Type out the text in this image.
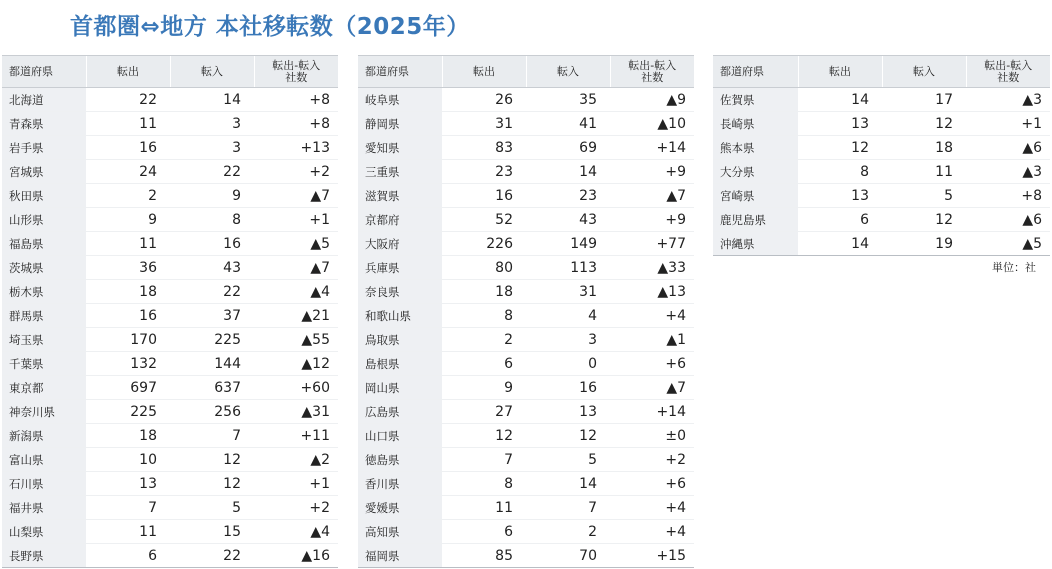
首都圏⇔地方 本社移転数（2025年）
都道府県	転出	転入	転出-転入
社数
北海道	22	14	+8
青森県	11	3	+8
岩手県	16	3	+13
宮城県	24	22	+2
秋田県	2	9	▲7
山形県	9	8	+1
福島県	11	16	▲5
茨城県	36	43	▲7
栃木県	18	22	▲4
群馬県	16	37	▲21
埼玉県	170	225	▲55
千葉県	132	144	▲12
東京都	697	637	+60
神奈川県	225	256	▲31
新潟県	18	7	+11
富山県	10	12	▲2
石川県	13	12	+1
福井県	7	5	+2
山梨県	11	15	▲4
長野県	6	22	▲16
都道府県	転出	転入	転出-転入
社数
岐阜県	26	35	▲9
静岡県	31	41	▲10
愛知県	83	69	+14
三重県	23	14	+9
滋賀県	16	23	▲7
京都府	52	43	+9
大阪府	226	149	+77
兵庫県	80	113	▲33
奈良県	18	31	▲13
和歌山県	8	4	+4
鳥取県	2	3	▲1
島根県	6	0	+6
岡山県	9	16	▲7
広島県	27	13	+14
山口県	12	12	±0
徳島県	7	5	+2
香川県	8	14	+6
愛媛県	11	7	+4
高知県	6	2	+4
福岡県	85	70	+15
都道府県	転出	転入	転出-転入
社数
佐賀県	14	17	▲3
長崎県	13	12	+1
熊本県	12	18	▲6
大分県	8	11	▲3
宮崎県	13	5	+8
鹿児島県	6	12	▲6
沖縄県	14	19	▲5
単位：社
